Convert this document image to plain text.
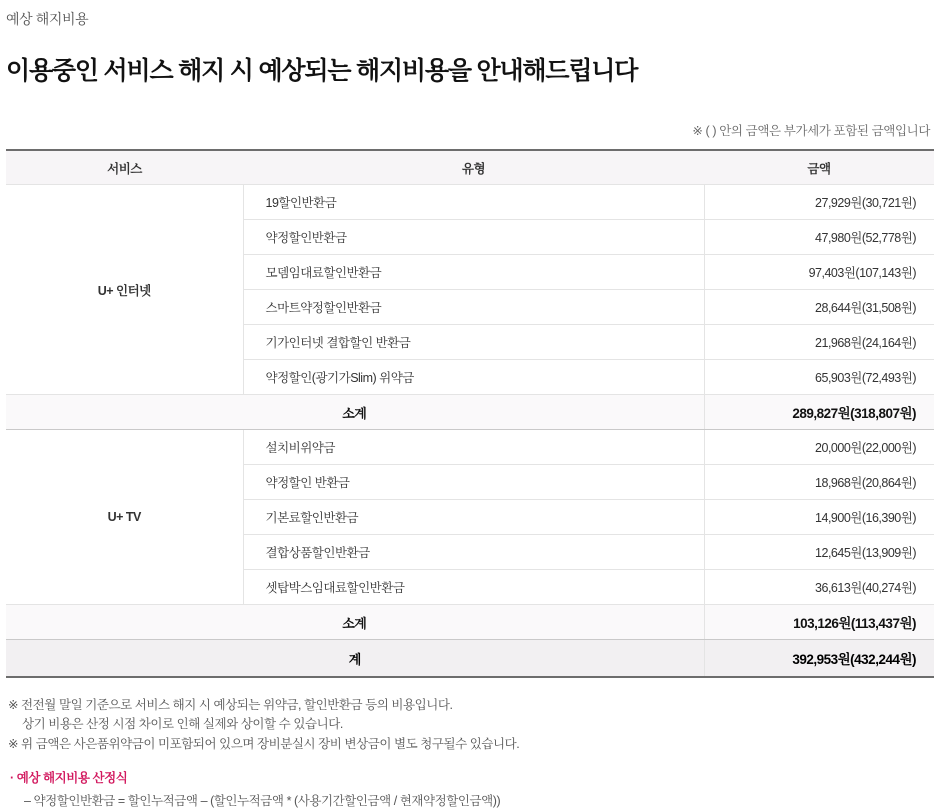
예상 해지비용
이용중인 서비스 해지 시 예상되는 해지비용을 안내해드립니다
※ ( ) 안의 금액은 부가세가 포함된 금액입니다
서비스	유형	금액
U+ 인터넷	19할인반환금	27,929원(30,721원)
	약정할인반환금	47,980원(52,778원)
	모뎀임대료할인반환금	97,403원(107,143원)
	스마트약정할인반환금	28,644원(31,508원)
	기가인터넷 결합할인 반환금	21,968원(24,164원)
	약정할인(광기가Slim) 위약금	65,903원(72,493원)
소계		289,827원(318,807원)
U+ TV	설치비위약금	20,000원(22,000원)
	약정할인 반환금	18,968원(20,864원)
	기본료할인반환금	14,900원(16,390원)
	결합상품할인반환금	12,645원(13,909원)
	셋탑박스임대료할인반환금	36,613원(40,274원)
소계		103,126원(113,437원)
계		392,953원(432,244원)
※ 전전월 말일 기준으로 서비스 해지 시 예상되는 위약금, 할인반환금 등의 비용입니다.
상기 비용은 산정 시점 차이로 인해 실제와 상이할 수 있습니다.
※ 위 금액은 사은품위약금이 미포함되어 있으며 장비분실시 장비 변상금이 별도 청구될수 있습니다.
· 예상 해지비용 산정식
– 약정할인반환금 = 할인누적금액 – (할인누적금액 * (사용기간할인금액 / 현재약정할인금액))
